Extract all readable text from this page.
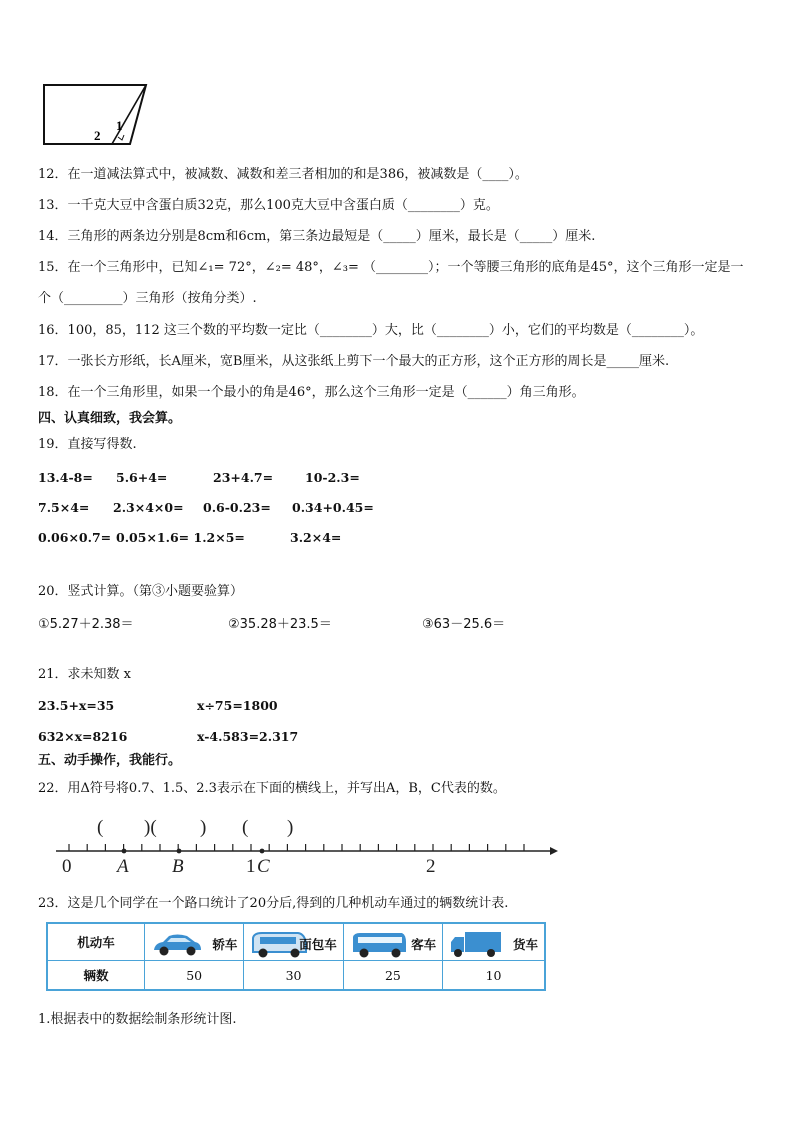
1
2
12．在一道减法算式中，被减数、减数和差三者相加的和是386，被减数是（____）。
13．一千克大豆中含蛋白质32克，那么100克大豆中含蛋白质（________）克。
14．三角形的两条边分别是8cm和6cm，第三条边最短是（_____）厘米，最长是（_____）厘米.
15．在一个三角形中，已知∠₁= 72°，∠₂= 48°，∠₃= （________）；一个等腰三角形的底角是45°，这个三角形一定是一
个（_________）三角形（按角分类）.
16．100，85，112 这三个数的平均数一定比（________）大，比（________）小，它们的平均数是（________）。
17．一张长方形纸，长A厘米，宽B厘米，从这张纸上剪下一个最大的正方形，这个正方形的周长是_____厘米.
18．在一个三角形里，如果一个最小的角是46°，那么这个三角形一定是（______）角三角形。
四、认真细致，我会算。
19．直接写得数.
13.4-8= 5.6+4=	23+4.7=	10-2.3=
7.5×4= 2.3×4×0= 0.6-0.23= 0.34+0.45=
0.06×0.7= 0.05×1.6= 1.2×5=	3.2×4=
20．竖式计算。（第③小题要验算）
①5.27＋2.38＝	②35.28＋23.5＝	③63－25.6＝
21．求未知数 x
23.5+x=35	x÷75=1800
632×x=8216	x-4.583=2.317
五、动手操作，我能行。
22．用Δ符号将0.7、1.5、2.3表示在下面的横线上，并写出A，B，C代表的数。
( )( ) ( )
0 A B	1 C	2
23．这是几个同学在一个路口统计了20分后,得到的几种机动车通过的辆数统计表.
机动车	轿车	面包车	客车	货车

辆数	50	30	25	10
1.根据表中的数据绘制条形统计图.
